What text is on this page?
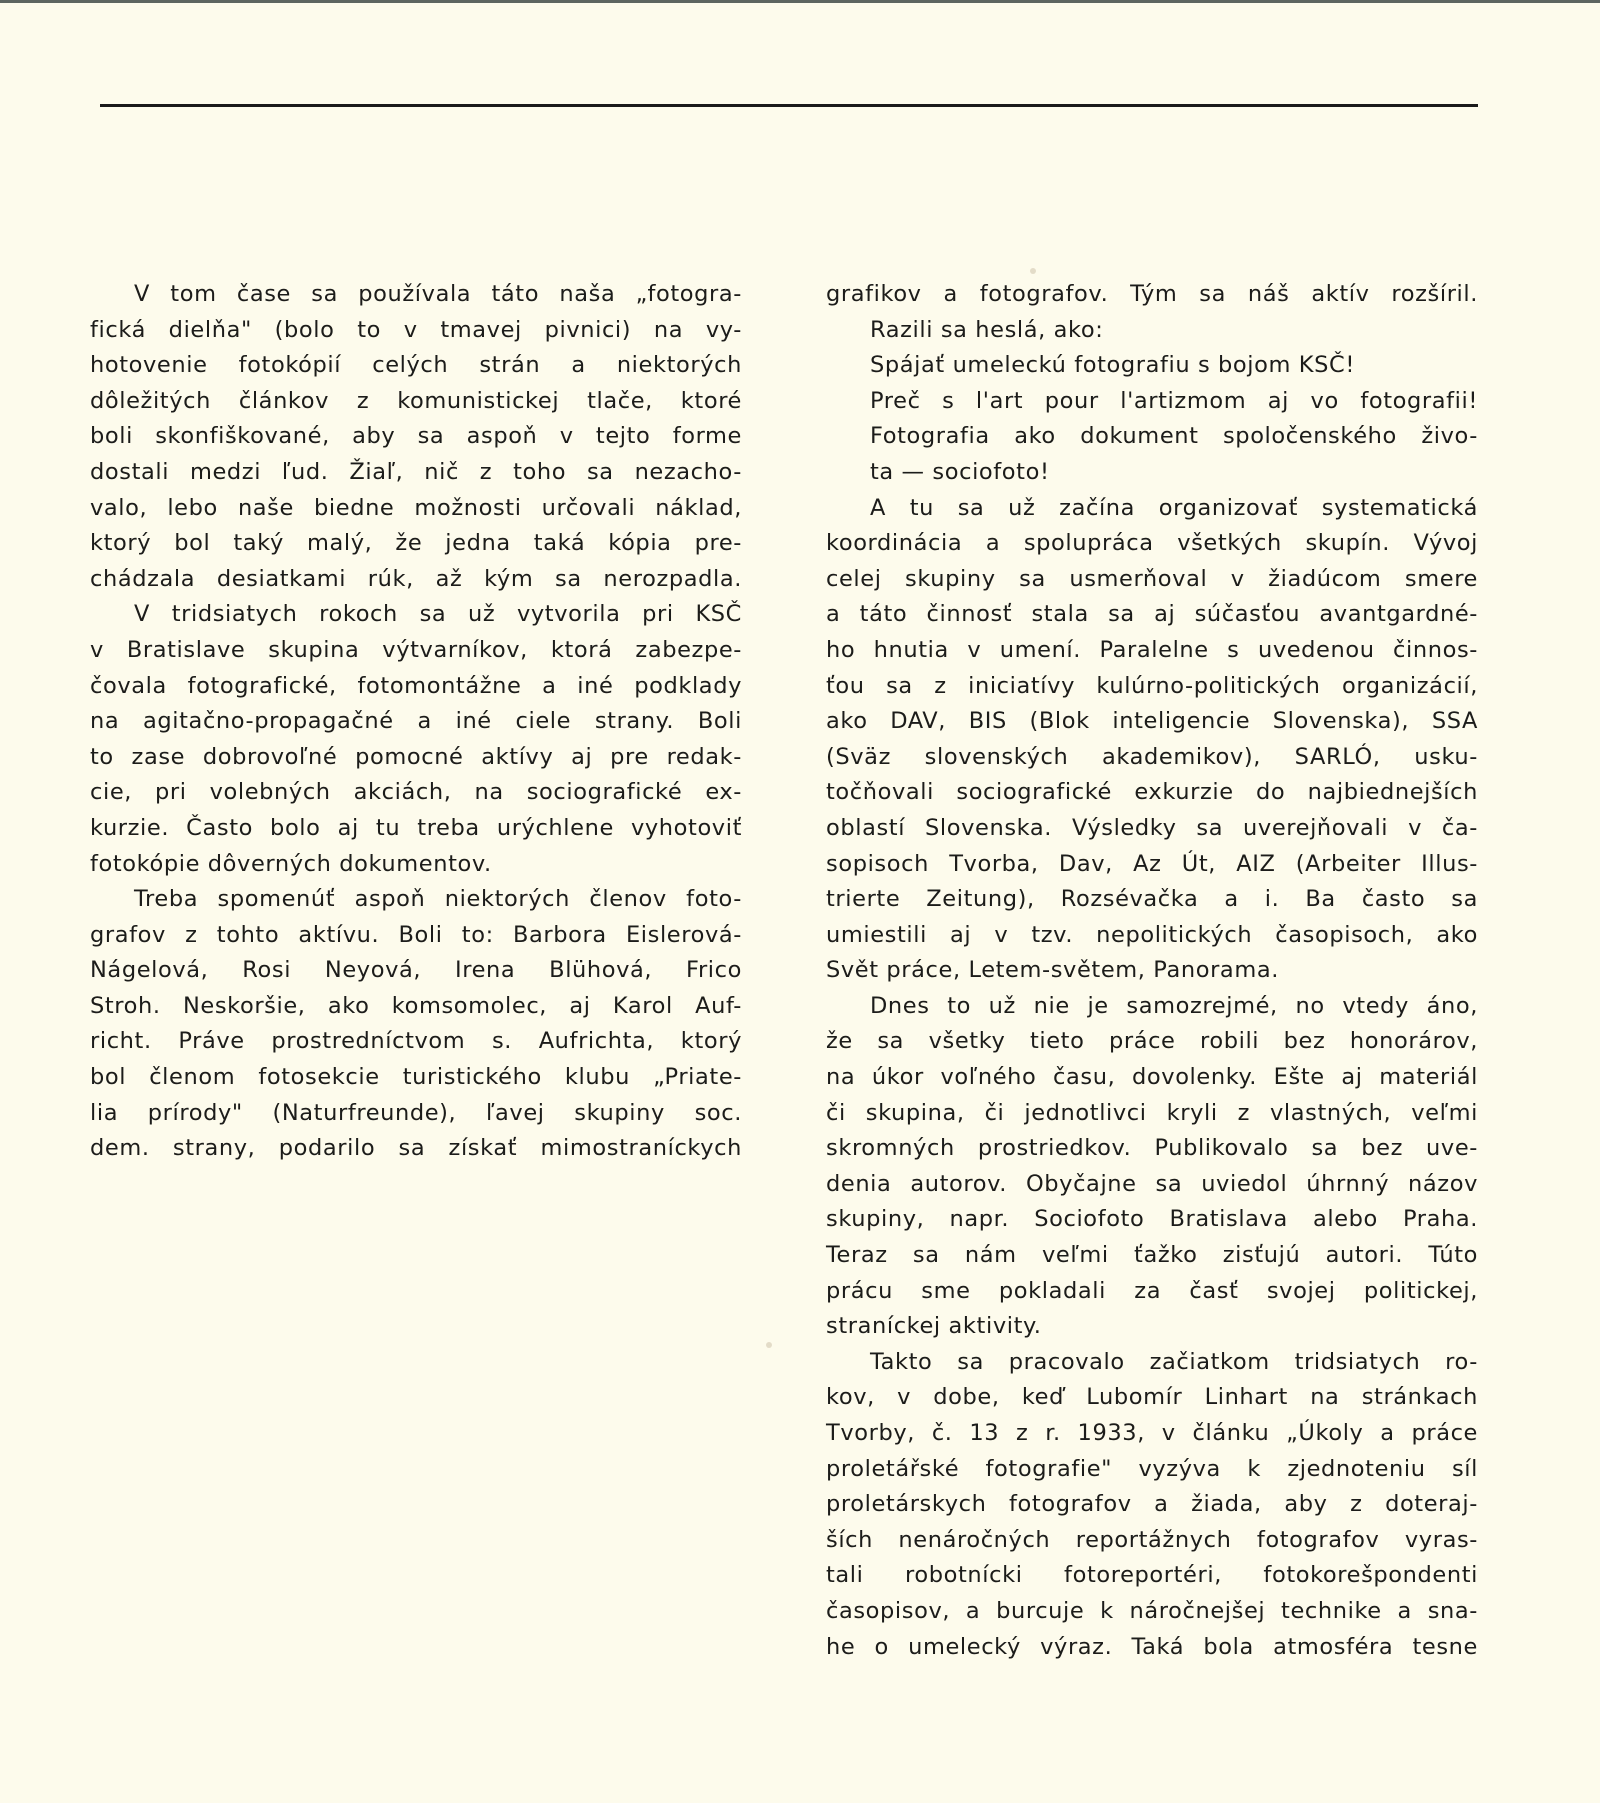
V tom čase sa používala táto naša „fotogra-
fická dielňa" (bolo to v tmavej pivnici) na vy-
hotovenie fotokópií celých strán a niektorých
dôležitých článkov z komunistickej tlače, ktoré
boli skonfiškované, aby sa aspoň v tejto forme
dostali medzi ľud. Žiaľ, nič z toho sa nezacho-
valo, lebo naše biedne možnosti určovali náklad,
ktorý bol taký malý, že jedna taká kópia pre-
chádzala desiatkami rúk, až kým sa nerozpadla.
V tridsiatych rokoch sa už vytvorila pri KSČ
v Bratislave skupina výtvarníkov, ktorá zabezpe-
čovala fotografické, fotomontážne a iné podklady
na agitačno-propagačné a iné ciele strany. Boli
to zase dobrovoľné pomocné aktívy aj pre redak-
cie, pri volebných akciách, na sociografické ex-
kurzie. Často bolo aj tu treba urýchlene vyhotoviť
fotokópie dôverných dokumentov.
Treba spomenúť aspoň niektorých členov foto-
grafov z tohto aktívu. Boli to: Barbora Eislerová-
Nágelová, Rosi Neyová, Irena Blühová, Frico
Stroh. Neskoršie, ako komsomolec, aj Karol Auf-
richt. Práve prostredníctvom s. Aufrichta, ktorý
bol členom fotosekcie turistického klubu „Priate-
lia prírody" (Naturfreunde), ľavej skupiny soc.
dem. strany, podarilo sa získať mimostraníckych
grafikov a fotografov. Tým sa náš aktív rozšíril.
Razili sa heslá, ako:
Spájať umeleckú fotografiu s bojom KSČ!
Preč s l'art pour l'artizmom aj vo fotografii!
Fotografia ako dokument spoločenského živo-
ta — sociofoto!
A tu sa už začína organizovať systematická
koordinácia a spolupráca všetkých skupín. Vývoj
celej skupiny sa usmerňoval v žiadúcom smere
a táto činnosť stala sa aj súčasťou avantgardné-
ho hnutia v umení. Paralelne s uvedenou činnos-
ťou sa z iniciatívy kulúrno-politických organizácií,
ako DAV, BIS (Blok inteligencie Slovenska), SSA
(Sväz slovenských akademikov), SARLÓ, usku-
točňovali sociografické exkurzie do najbiednejších
oblastí Slovenska. Výsledky sa uverejňovali v ča-
sopisoch Tvorba, Dav, Az Út, AIZ (Arbeiter Illus-
trierte Zeitung), Rozsévačka a i. Ba často sa
umiestili aj v tzv. nepolitických časopisoch, ako
Svět práce, Letem-světem, Panorama.
Dnes to už nie je samozrejmé, no vtedy áno,
že sa všetky tieto práce robili bez honorárov,
na úkor voľného času, dovolenky. Ešte aj materiál
či skupina, či jednotlivci kryli z vlastných, veľmi
skromných prostriedkov. Publikovalo sa bez uve-
denia autorov. Obyčajne sa uviedol úhrnný názov
skupiny, napr. Sociofoto Bratislava alebo Praha.
Teraz sa nám veľmi ťažko zisťujú autori. Túto
prácu sme pokladali za časť svojej politickej,
straníckej aktivity.
Takto sa pracovalo začiatkom tridsiatych ro-
kov, v dobe, keď Lubomír Linhart na stránkach
Tvorby, č. 13 z r. 1933, v článku „Úkoly a práce
proletářské fotografie" vyzýva k zjednoteniu síl
proletárskych fotografov a žiada, aby z doteraj-
ších nenáročných reportážnych fotografov vyras-
tali robotnícki fotoreportéri, fotokorešpondenti
časopisov, a burcuje k náročnejšej technike a sna-
he o umelecký výraz. Taká bola atmosféra tesne
